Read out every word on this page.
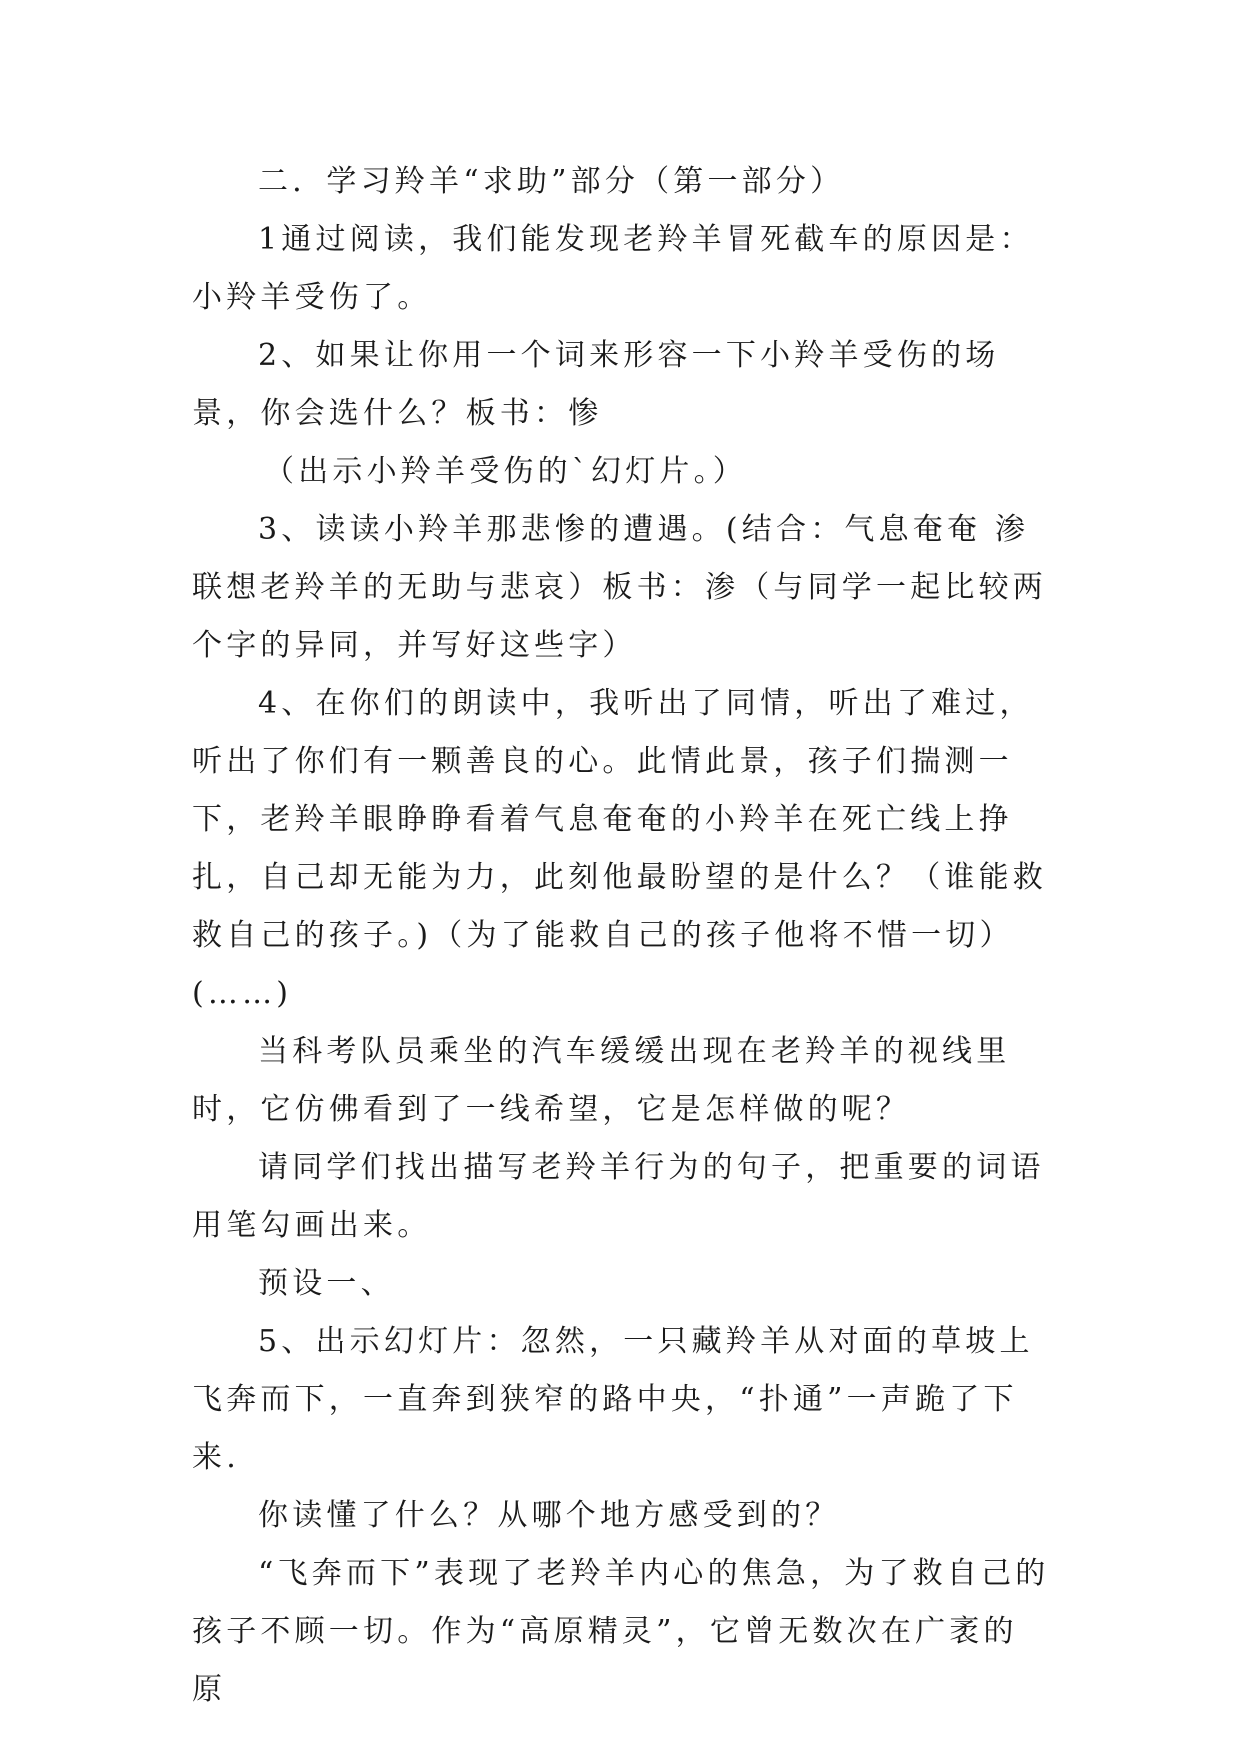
二．学习羚羊“求助”部分（第一部分）

1通过阅读，我们能发现老羚羊冒死截车的原因是：小羚羊受伤了。

2、如果让你用一个词来形容一下小羚羊受伤的场景，你会选什么？板书：惨

（出示小羚羊受伤的`幻灯片。）

3、读读小羚羊那悲惨的遭遇。(结合：气息奄奄 渗 联想老羚羊的无助与悲哀）板书：渗（与同学一起比较两个字的异同，并写好这些字）

4、在你们的朗读中，我听出了同情，听出了难过，听出了你们有一颗善良的心。此情此景，孩子们揣测一下，老羚羊眼睁睁看着气息奄奄的小羚羊在死亡线上挣扎，自己却无能为力，此刻他最盼望的是什么？（谁能救救自己的孩子。)（为了能救自己的孩子他将不惜一切）(……)

当科考队员乘坐的汽车缓缓出现在老羚羊的视线里时，它仿佛看到了一线希望，它是怎样做的呢？

请同学们找出描写老羚羊行为的句子，把重要的词语用笔勾画出来。

预设一、

5、出示幻灯片：忽然，一只藏羚羊从对面的草坡上飞奔而下，一直奔到狭窄的路中央，“扑通”一声跪了下来.

你读懂了什么？从哪个地方感受到的？

“飞奔而下”表现了老羚羊内心的焦急，为了救自己的孩子不顾一切。作为“高原精灵”，它曾无数次在广袤的原
